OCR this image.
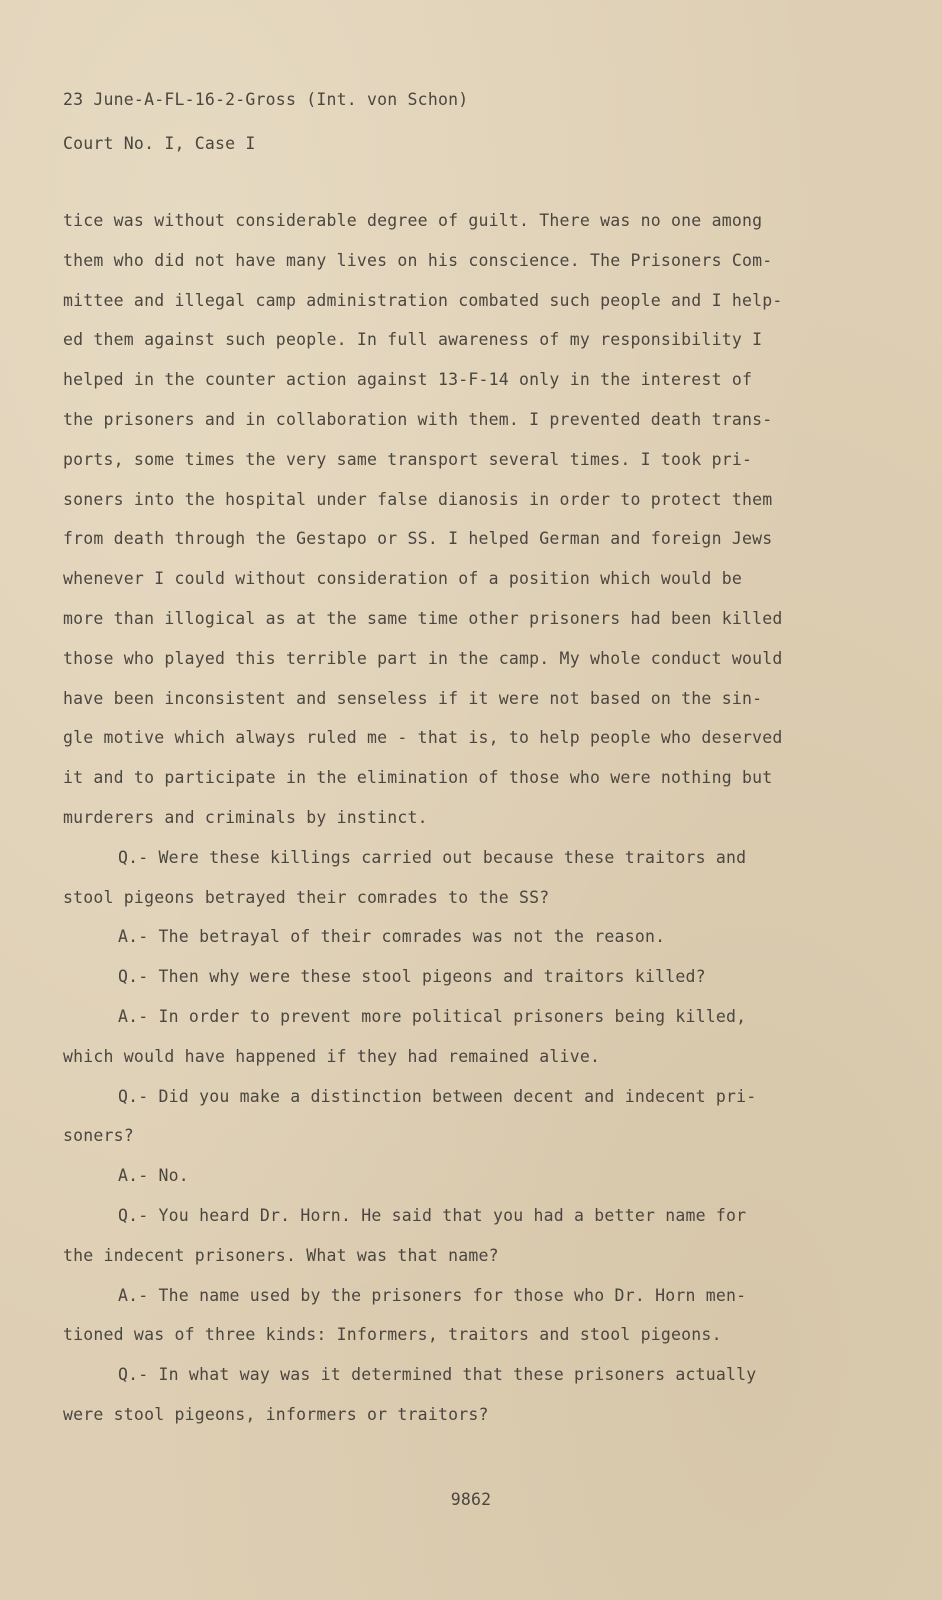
23 June-A-FL-16-2-Gross (Int. von Schon)
Court No. I, Case I
tice was without considerable degree of guilt. There was no one among
them who did not have many lives on his conscience. The Prisoners Com-
mittee and illegal camp administration combated such people and I help-
ed them against such people. In full awareness of my responsibility I
helped in the counter action against 13-F-14 only in the interest of
the prisoners and in collaboration with them. I prevented death trans-
ports, some times the very same transport several times. I took pri-
soners into the hospital under false dianosis in order to protect them
from death through the Gestapo or SS. I helped German and foreign Jews
whenever I could without consideration of a position which would be
more than illogical as at the same time other prisoners had been killed
those who played this terrible part in the camp. My whole conduct would
have been inconsistent and senseless if it were not based on the sin-
gle motive which always ruled me - that is, to help people who deserved
it and to participate in the elimination of those who were nothing but
murderers and criminals by instinct.
Q.- Were these killings carried out because these traitors and
stool pigeons betrayed their comrades to the SS?
A.- The betrayal of their comrades was not the reason.
Q.- Then why were these stool pigeons and traitors killed?
A.- In order to prevent more political prisoners being killed,
which would have happened if they had remained alive.
Q.- Did you make a distinction between decent and indecent pri-
soners?
A.- No.
Q.- You heard Dr. Horn. He said that you had a better name for
the indecent prisoners. What was that name?
A.- The name used by the prisoners for those who Dr. Horn men-
tioned was of three kinds: Informers, traitors and stool pigeons.
Q.- In what way was it determined that these prisoners actually
were stool pigeons, informers or traitors?
9862
